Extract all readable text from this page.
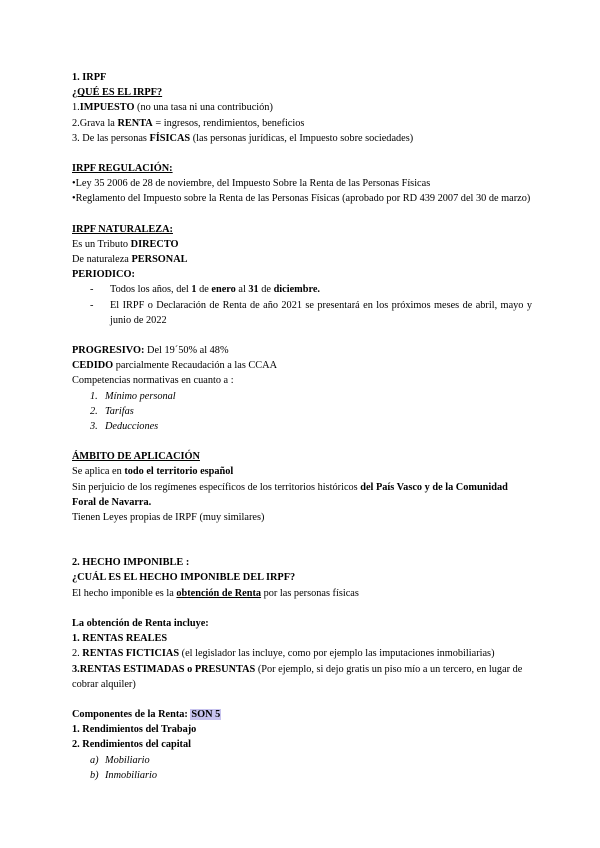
1. IRPF
¿QUÉ ES EL IRPF?
1.IMPUESTO (no una tasa ni una contribución)
2.Grava la RENTA = ingresos, rendimientos, beneficios
3. De las personas FÍSICAS (las personas jurídicas, el Impuesto sobre sociedades)
IRPF REGULACIÓN:
•Ley 35 2006 de 28 de noviembre, del Impuesto Sobre la Renta de las Personas Físicas
•Reglamento del Impuesto sobre la Renta de las Personas Físicas (aprobado por RD 439 2007 del 30 de marzo)
IRPF NATURALEZA:
Es un Tributo DIRECTO
De naturaleza PERSONAL
PERIODICO:
- Todos los años, del 1 de enero al 31 de diciembre.
- El IRPF o Declaración de Renta de año 2021 se presentará en los próximos meses de abril, mayo y junio de 2022
PROGRESIVO: Del 19´50% al 48%
CEDIDO parcialmente Recaudación a las CCAA
Competencias normativas en cuanto a :
1. Mínimo personal
2. Tarifas
3. Deducciones
ÁMBITO DE APLICACIÓN
Se aplica en todo el territorio español
Sin perjuicio de los regímenes específicos de los territorios históricos del País Vasco y de la Comunidad Foral de Navarra.
Tienen Leyes propias de IRPF (muy similares)
2. HECHO IMPONIBLE :
¿CUÁL ES EL HECHO IMPONIBLE DEL IRPF?
El hecho imponible es la obtención de Renta por las personas físicas
La obtención de Renta incluye:
1. RENTAS REALES
2. RENTAS FICTICIAS (el legislador las incluye, como por ejemplo las imputaciones inmobiliarias)
3.RENTAS ESTIMADAS o PRESUNTAS (Por ejemplo, si dejo gratis un piso mío a un tercero, en lugar de cobrar alquiler)
Componentes de la Renta: SON 5
1. Rendimientos del Trabajo
2. Rendimientos del capital
a) Mobiliario
b) Inmobiliario
